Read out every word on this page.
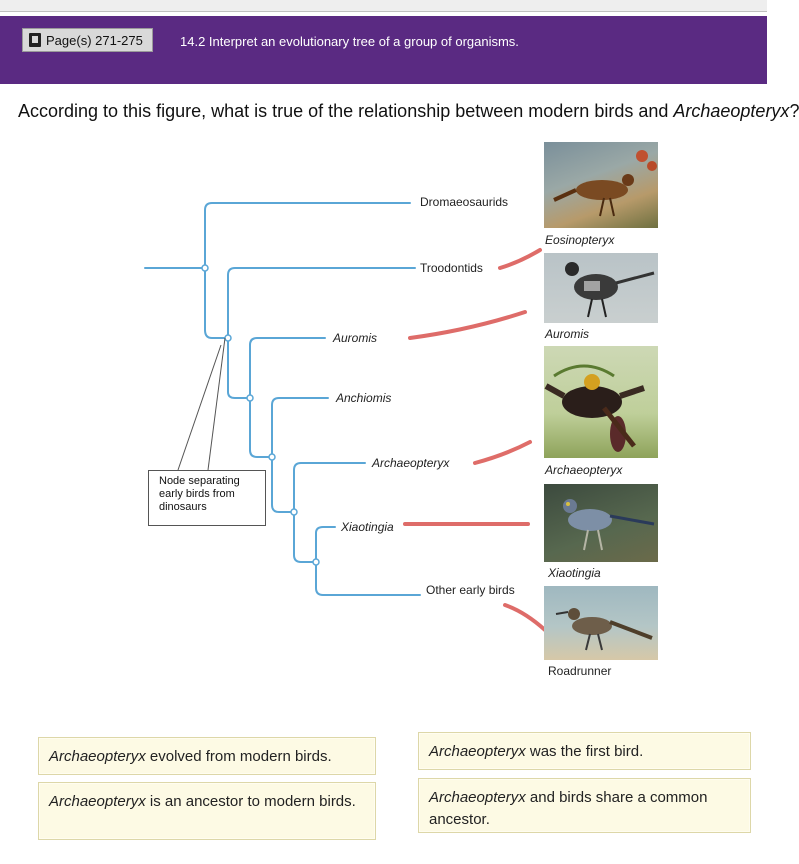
Page(s) 271-275	14.2 Interpret an evolutionary tree of a group of organisms.
According to this figure, what is true of the relationship between modern birds and Archaeopteryx?
Dromaeosaurids
Troodontids
Auromis
Anchiomis
Archaeopteryx
Xiaotingia
Other early birds
Node separating early birds from dinosaurs
Eosinopteryx
Auromis
Archaeopteryx
Xiaotingia
Roadrunner
Archaeopteryx evolved from modern birds.	Archaeopteryx was the first bird.
Archaeopteryx is an ancestor to modern birds.	Archaeopteryx and birds share a common ancestor.
